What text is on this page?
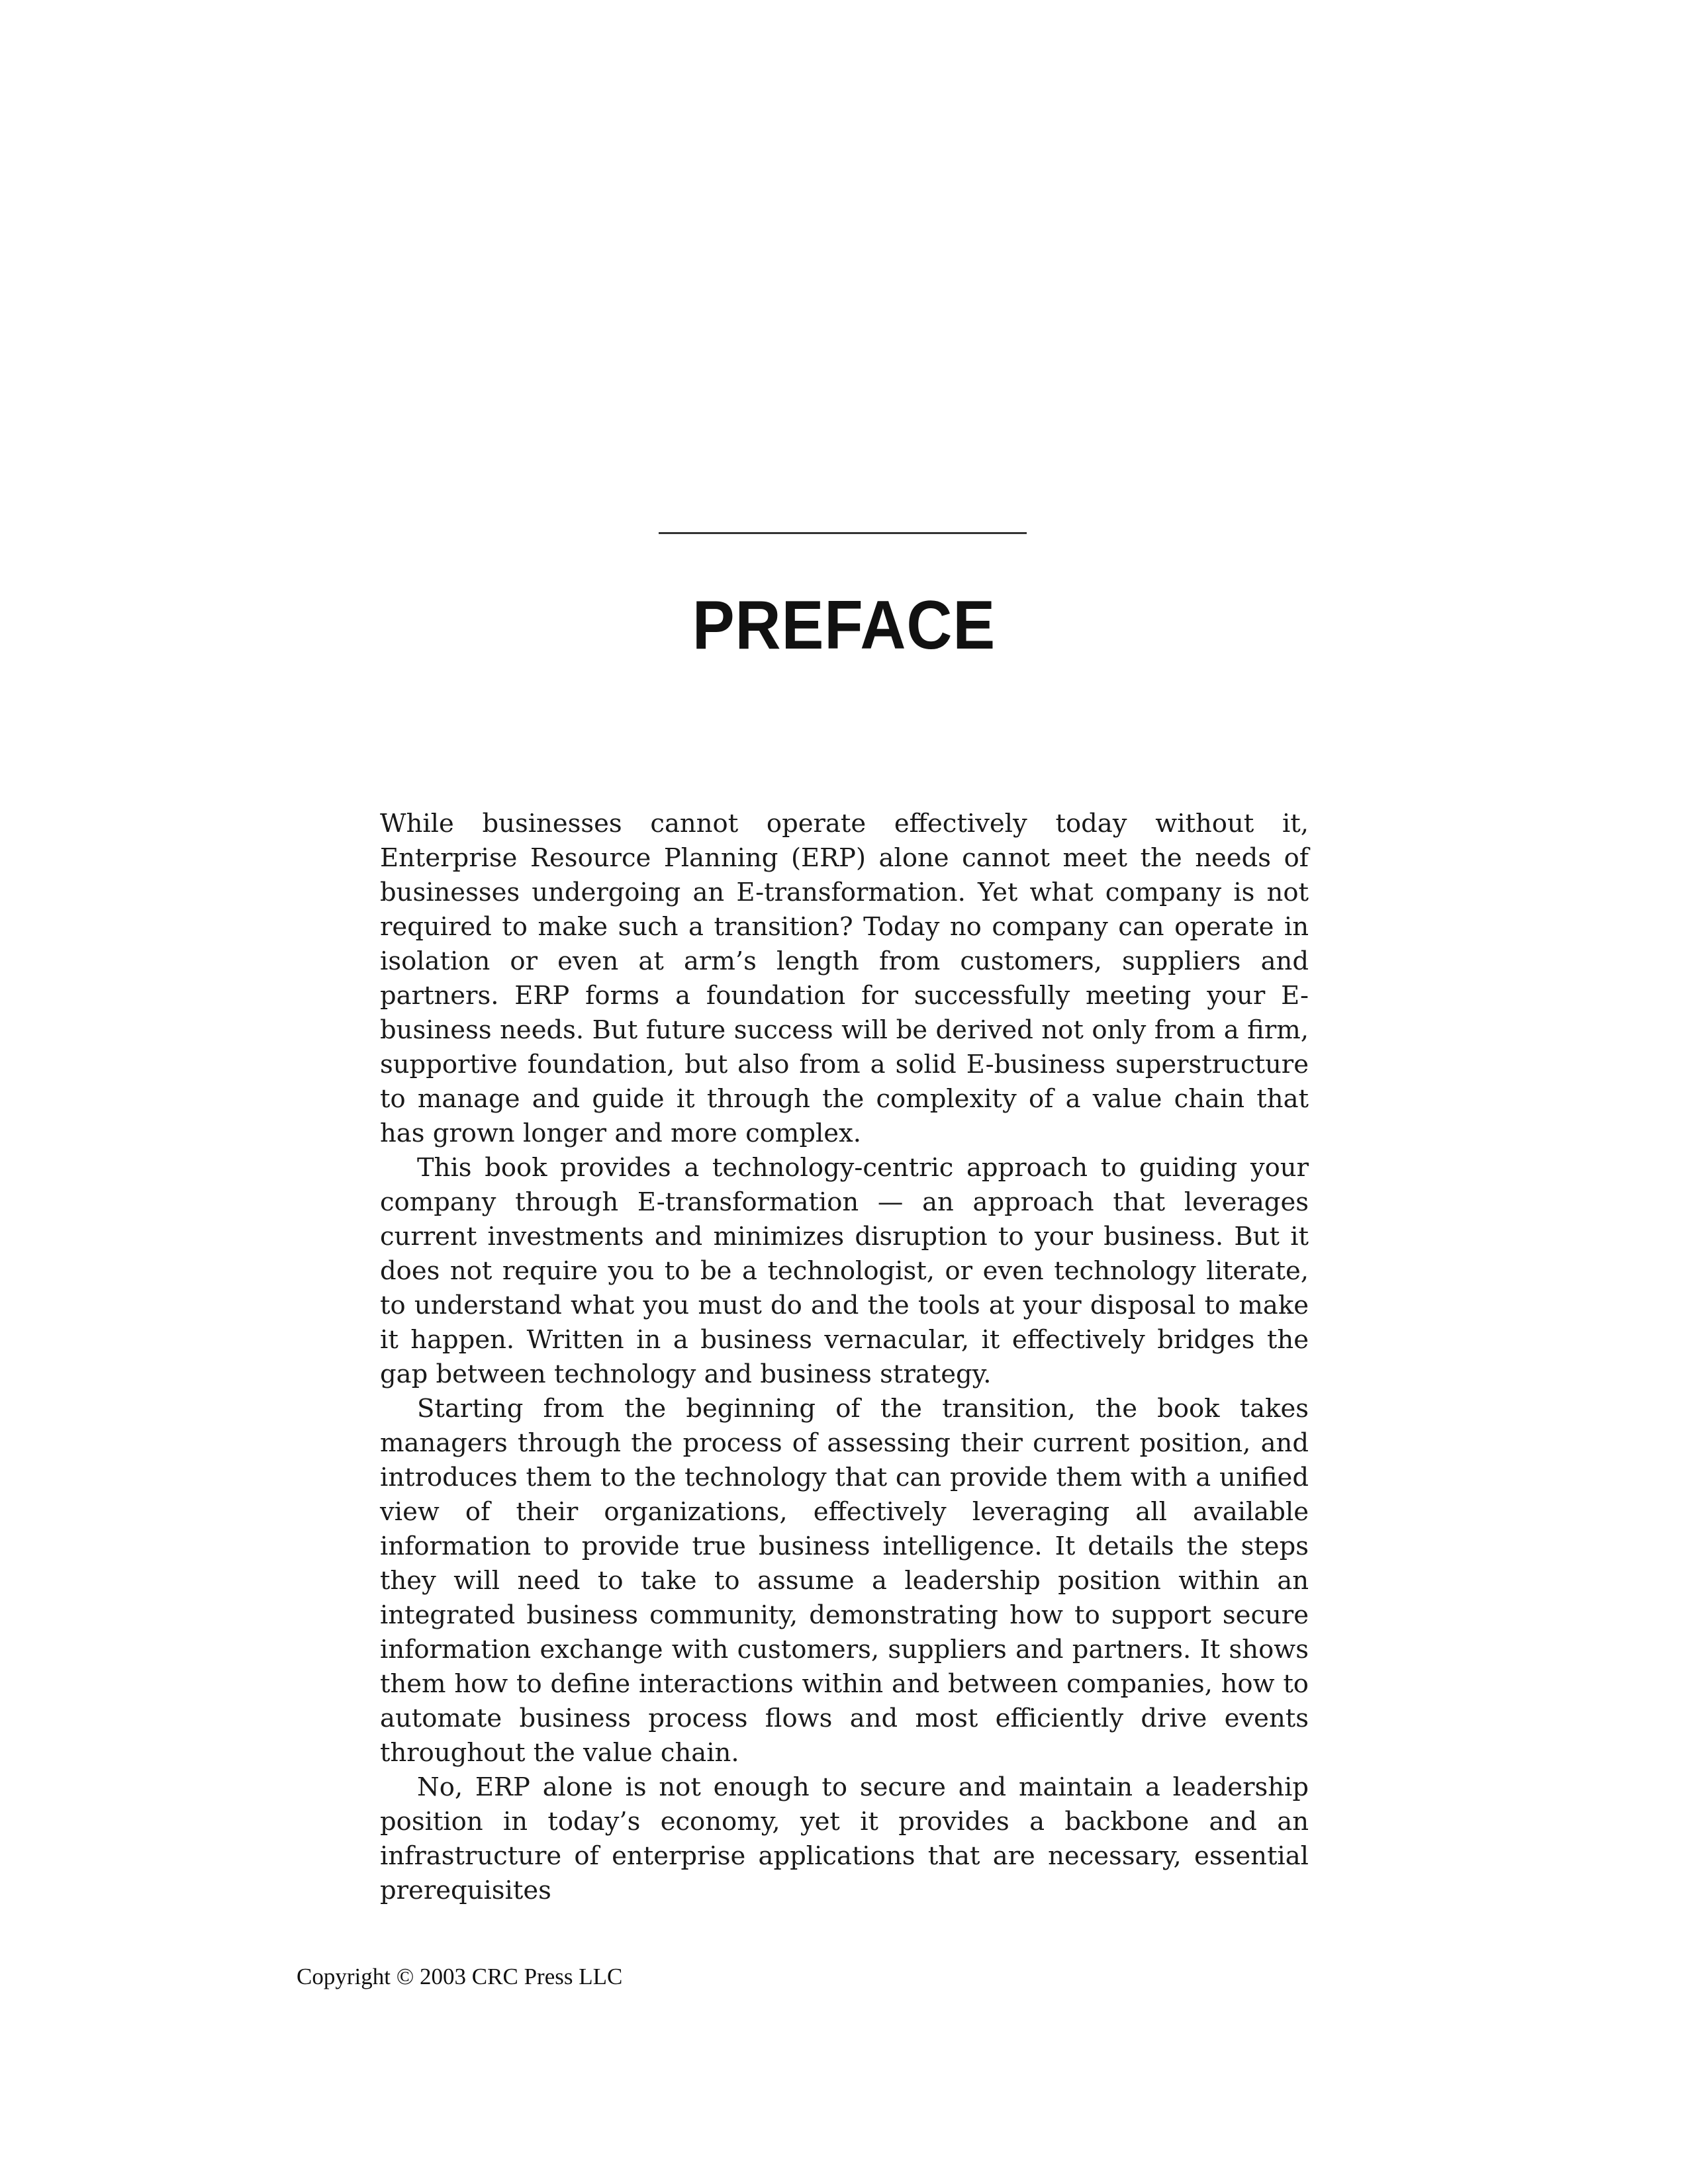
PREFACE

While businesses cannot operate effectively today without it, Enterprise Resource Planning (ERP) alone cannot meet the needs of businesses undergoing an E-transformation. Yet what company is not required to make such a transition? Today no company can operate in isolation or even at arm’s length from customers, suppliers and partners. ERP forms a foundation for successfully meeting your E-business needs. But future success will be derived not only from a firm, supportive foundation, but also from a solid E-business superstructure to manage and guide it through the complexity of a value chain that has grown longer and more complex.

This book provides a technology-centric approach to guiding your company through E-transformation — an approach that leverages current investments and minimizes disruption to your business. But it does not require you to be a technologist, or even technology literate, to understand what you must do and the tools at your disposal to make it happen. Written in a business vernacular, it effectively bridges the gap between technology and business strategy.

Starting from the beginning of the transition, the book takes managers through the process of assessing their current position, and introduces them to the technology that can provide them with a unified view of their organizations, effectively leveraging all available information to provide true business intelligence. It details the steps they will need to take to assume a leadership position within an integrated business community, demonstrating how to support secure information exchange with customers, suppliers and partners. It shows them how to define interactions within and between companies, how to automate business process flows and most efficiently drive events throughout the value chain.

No, ERP alone is not enough to secure and maintain a leadership position in today’s economy, yet it provides a backbone and an infrastructure of enterprise applications that are necessary, essential prerequisites

Copyright © 2003 CRC Press LLC
